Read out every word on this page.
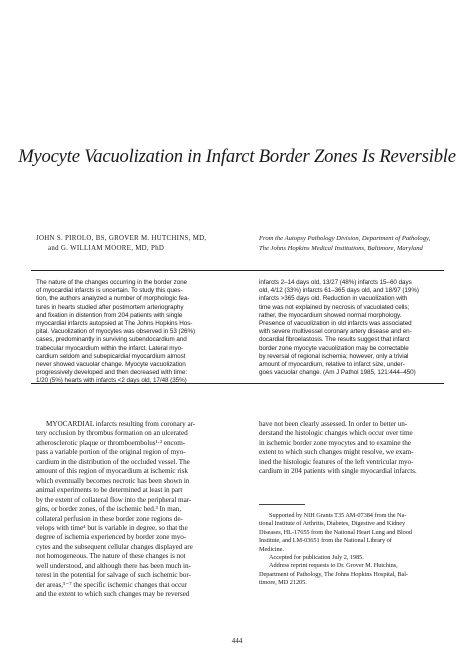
Myocyte Vacuolization in Infarct Border Zones Is Reversible
JOHN S. PIROLO, BS, GROVER M. HUTCHINS, MD,
and G. WILLIAM MOORE, MD, PhD
From the Autopsy Pathology Division, Department of Pathology,
The Johns Hopkins Medical Institutions, Baltimore, Maryland
The nature of the changes occurring in the border zone
of myocardial infarcts is uncertain. To study this ques-
tion, the authors analyzed a number of morphologic fea-
tures in hearts studied after postmortem arteriography
and fixation in distention from 204 patients with single
myocardial infarcts autopsied at The Johns Hopkins Hos-
pital. Vacuolization of myocytes was observed in 53 (26%)
cases, predominantly in surviving subendocardium and
trabecular myocardium within the infarct. Lateral myo-
cardium seldom and subepicardial myocardium almost
never showed vacuolar change. Myocyte vacuolization
progressively developed and then decreased with time:
1/20 (5%) hearts with infarcts <2 days old, 17/48 (35%)
infarcts 2–14 days old, 13/27 (48%) infarcts 15–60 days
old, 4/12 (33%) infarcts 61–365 days old, and 18/97 (19%)
infarcts >365 days old. Reduction in vacuolization with
time was not explained by necrosis of vacuolated cells;
rather, the myocardium showed normal morphology.
Presence of vacuolization in old infarcts was associated
with severe multivessel coronary artery disease and en-
docardial fibroelastosis. The results suggest that infarct
border zone myocyte vacuolization may be correctable
by reversal of regional ischemia; however, only a trivial
amount of myocardium, relative to infarct size, under-
goes vacuolar change. (Am J Pathol 1985, 121:444–450)
MYOCARDIAL infarcts resulting from coronary ar-
tery occlusion by thrombus formation on an ulcerated
atherosclerotic plaque or thromboembolus¹·² encom-
pass a variable portion of the original region of myo-
cardium in the distribution of the occluded vessel. The
amount of this region of myocardium at ischemic risk
which eventually becomes necrotic has been shown in
animal experiments to be determined at least in part
by the extent of collateral flow into the peripheral mar-
gins, or border zones, of the ischemic bed.³ In man,
collateral perfusion in these border zone regions de-
velops with time⁴ but is variable in degree, so that the
degree of ischemia experienced by border zone myo-
cytes and the subsequent cellular changes displayed are
not homogeneous. The nature of these changes is not
well understood, and although there has been much in-
terest in the potential for salvage of such ischemic bor-
der areas,⁵⁻⁷ the specific ischemic changes that occur
and the extent to which such changes may be reversed
have not been clearly assessed. In order to better un-
derstand the histologic changes which occur over time
in ischemic border zone myocytes and to examine the
extent to which such changes might resolve, we exam-
ined the histologic features of the left ventricular myo-
cardium in 204 patients with single myocardial infarcts.
Supported by NIH Grants T35 AM-07384 from the Na-
tional Institute of Arthritis, Diabetes, Digestive and Kidney
Diseases, HL-17655 from the National Heart Lung and Blood
Institute, and LM-03651 from the National Library of
Medicine.
Accepted for publication July 2, 1985.
Address reprint requests to Dr. Grover M. Hutchins,
Department of Pathology, The Johns Hopkins Hospital, Bal-
timore, MD 21205.
444
